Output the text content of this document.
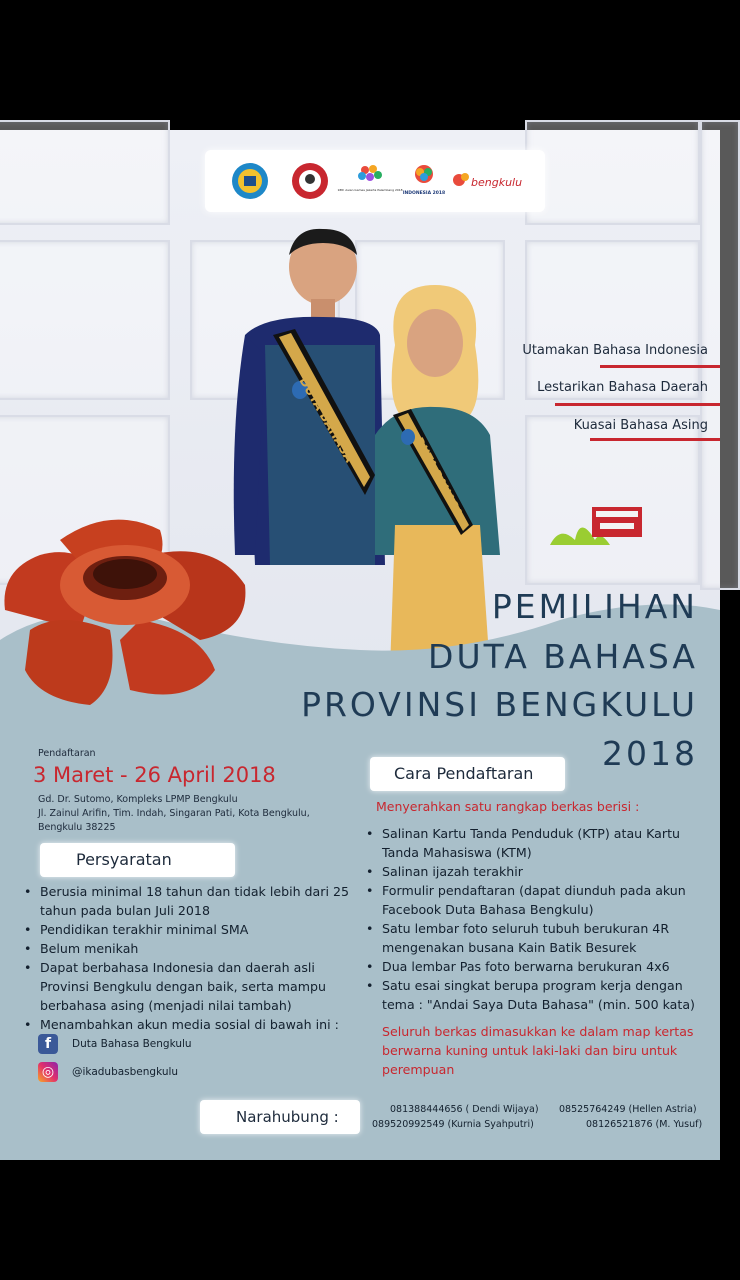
18th Asian Games Jakarta Palembang 2018
INDONESIA 2018
bengkulu
DUTA BAHASA
DUTA BAHASA
Utamakan Bahasa Indonesia
Lestarikan Bahasa Daerah
Kuasai Bahasa Asing
PEMILIHAN
DUTA BAHASA
PROVINSI BENGKULU
2018
Pendaftaran
3 Maret - 26 April 2018
Gd. Dr. Sutomo, Kompleks LPMP Bengkulu
Jl. Zainul Arifin, Tim. Indah, Singaran Pati, Kota Bengkulu,
Bengkulu 38225
Persyaratan
• Berusia minimal 18 tahun dan tidak lebih dari 25 tahun pada bulan Juli 2018
• Pendidikan terakhir minimal SMA
• Belum menikah
• Dapat berbahasa Indonesia dan daerah asli Provinsi Bengkulu dengan baik, serta mampu berbahasa asing (menjadi nilai tambah)
• Menambahkan akun media sosial di bawah ini :
f	Duta Bahasa Bengkulu
◎	@ikadubasbengkulu
Cara Pendaftaran
Menyerahkan satu rangkap berkas berisi :
• Salinan Kartu Tanda Penduduk (KTP) atau Kartu Tanda Mahasiswa (KTM)
• Salinan ijazah terakhir
• Formulir pendaftaran (dapat diunduh pada akun Facebook Duta Bahasa Bengkulu)
• Satu lembar foto seluruh tubuh berukuran 4R mengenakan busana Kain Batik Besurek
• Dua lembar Pas foto berwarna berukuran 4x6
• Satu esai singkat berupa program kerja dengan tema : "Andai Saya Duta Bahasa" (min. 500 kata)
Seluruh berkas dimasukkan ke dalam map kertas berwarna kuning untuk laki-laki dan biru untuk perempuan
Narahubung :	081388444656 ( Dendi Wijaya) 08525764249 (Hellen Astria)
089520992549 (Kurnia Syahputri)	08126521876 (M. Yusuf)
